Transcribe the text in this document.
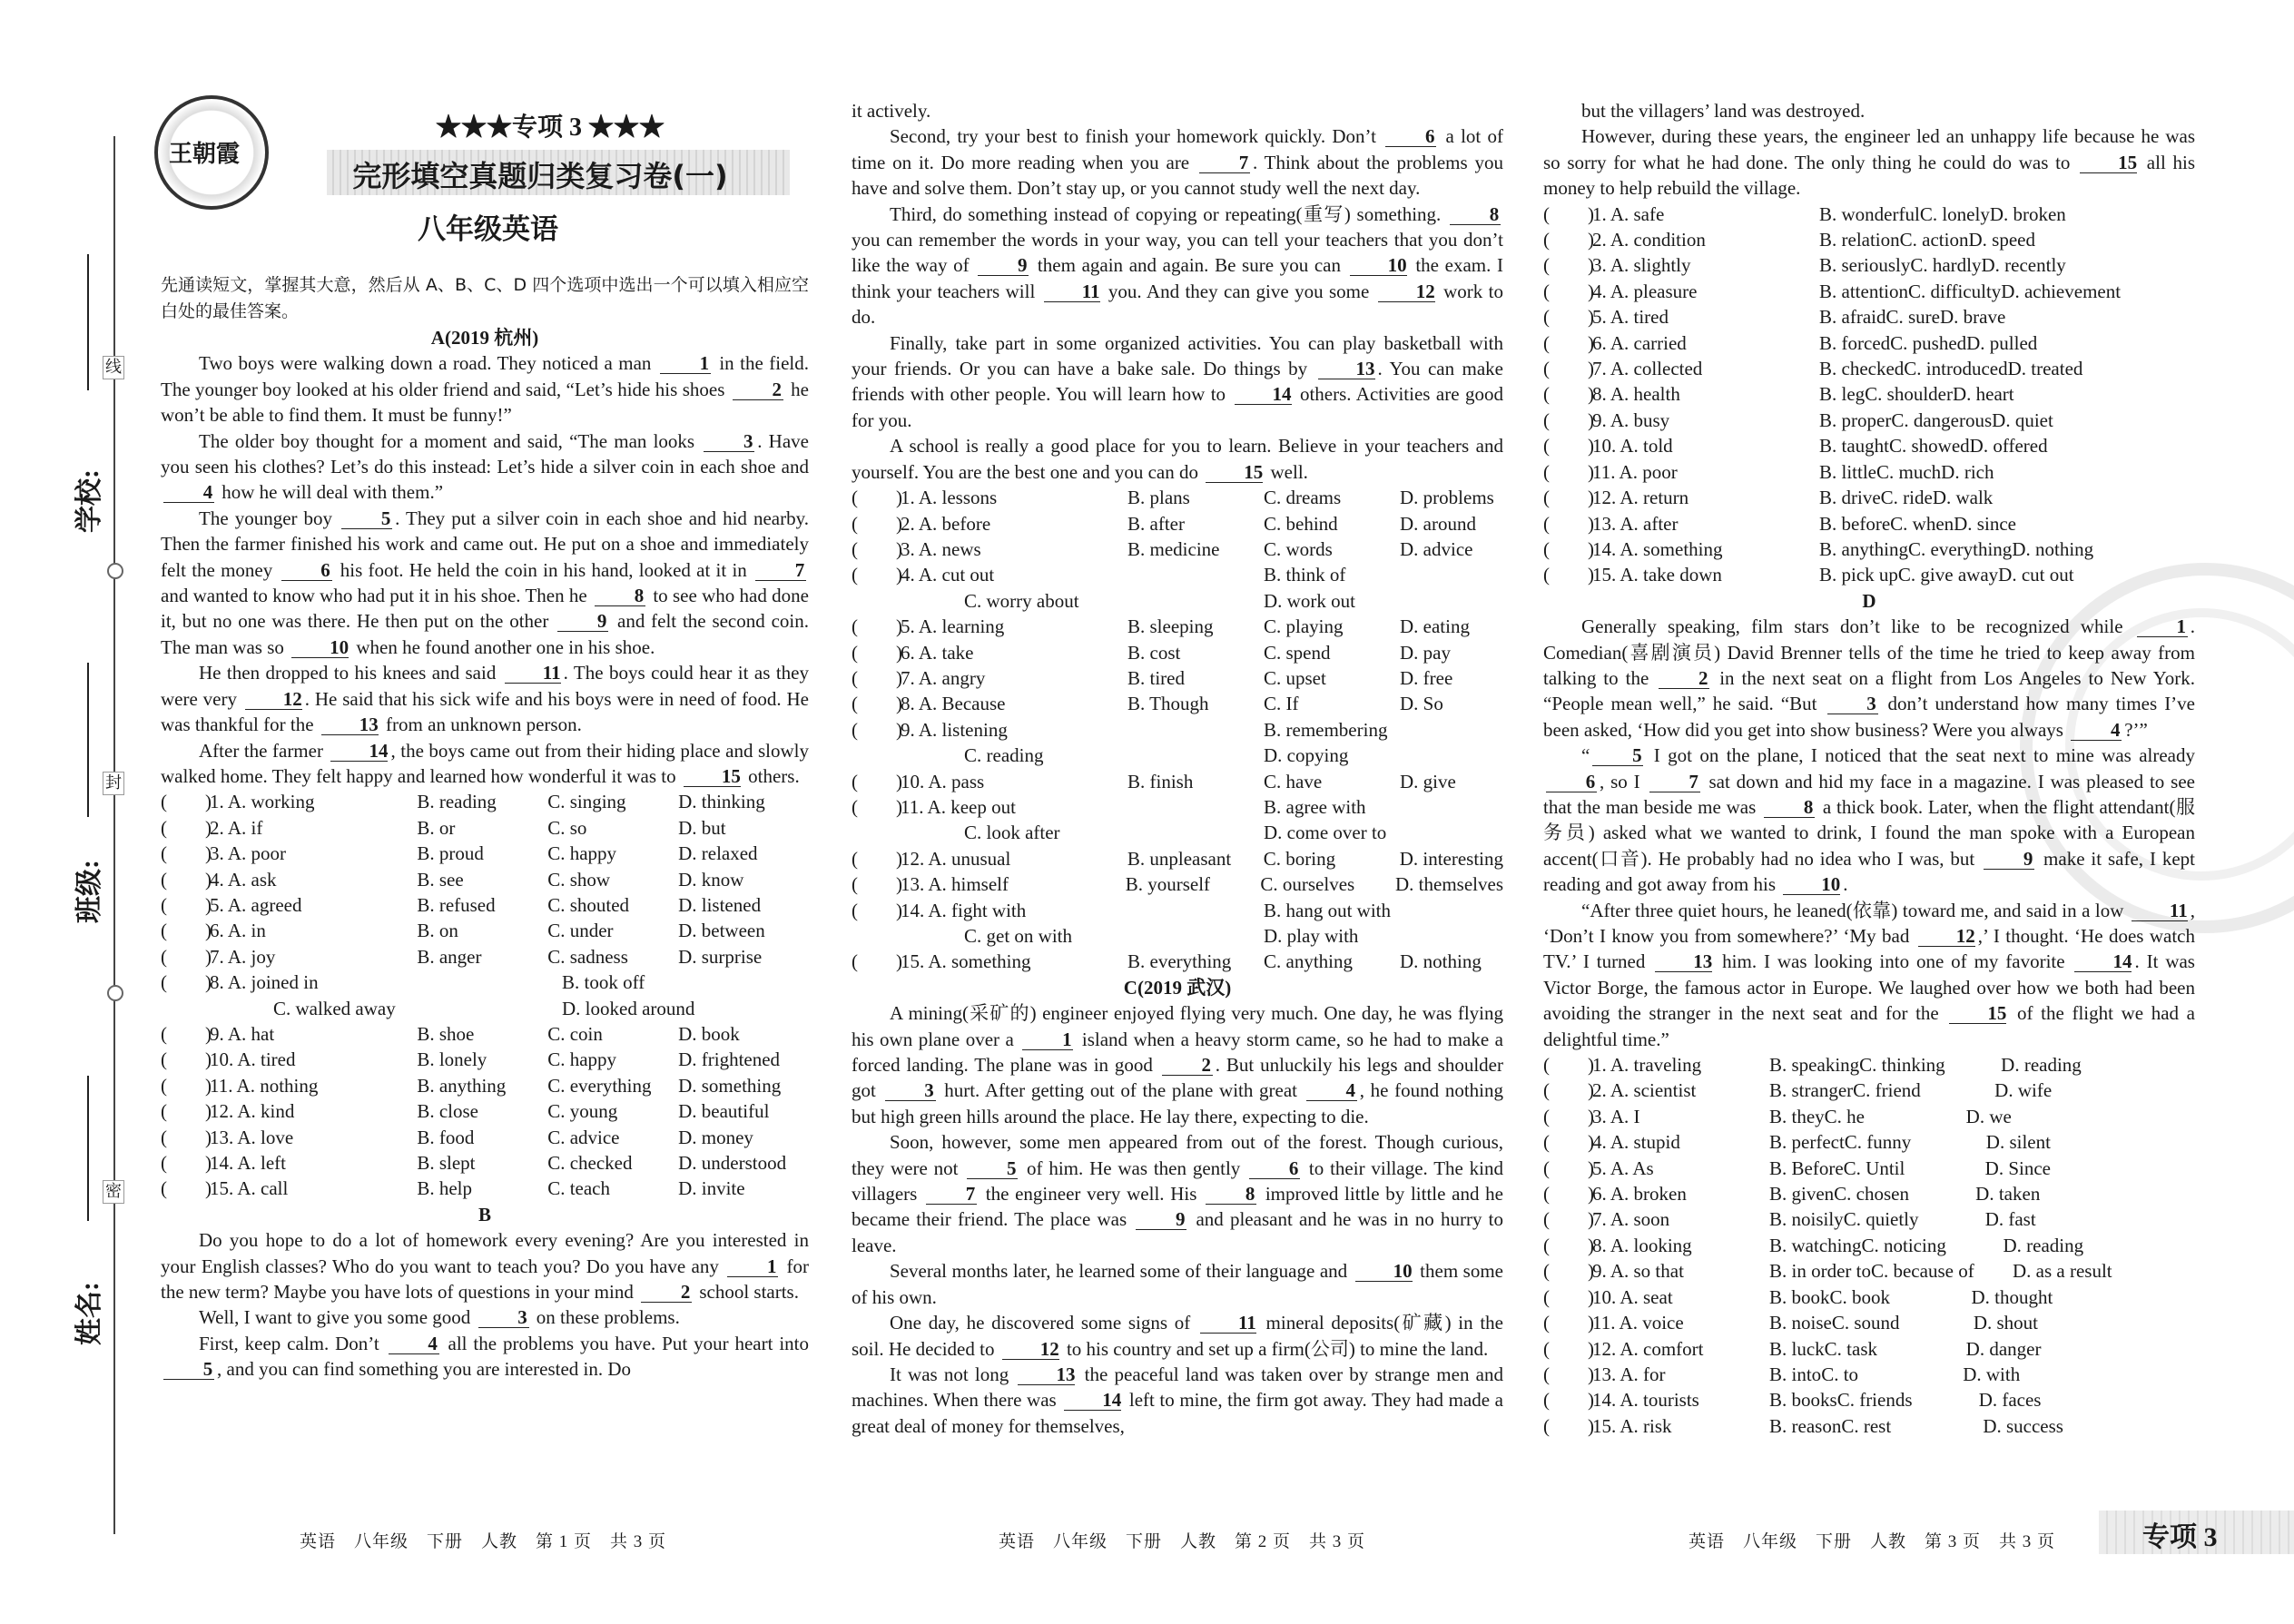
学校:
线
班级:
封
姓名:
密
王朝霞
★★★专项 3 ★★★
完形填空真题归类复习卷(一)
八年级英语

先通读短文，掌握其大意，然后从 A、B、C、D 四个选项中选出一个可以填入相应空白处的最佳答案。

A(2019 杭州)

Two boys were walking down a road. They noticed a man 1 in the field. The younger boy looked at his older friend and said, “Let’s hide his shoes 2 he won’t be able to find them. It must be funny!”

The older boy thought for a moment and said, “The man looks 3 . Have you seen his clothes? Let’s do this instead: Let’s hide a silver coin in each shoe and 4 how he will deal with them.”

The younger boy 5 . They put a silver coin in each shoe and hid nearby. Then the farmer finished his work and came out. He put on a shoe and immediately felt the money 6 his foot. He held the coin in his hand, looked at it in 7 and wanted to know who had put it in his shoe. Then he 8 to see who had done it, but no one was there. He then put on the other 9 and felt the second coin. The man was so 10 when he found another one in his shoe.

He then dropped to his knees and said 11 . The boys could hear it as they were very 12 . He said that his sick wife and his boys were in need of food. He was thankful for the 13 from an unknown person.

After the farmer 14 , the boys came out from their hiding place and slowly walked home. They felt happy and learned how wonderful it was to 15 others.

(　　)
1. A. working	B. reading	C. singing	D. thinking
(　　)
2. A. if	B. or	C. so	D. but
(　　)
3. A. poor	B. proud	C. happy	D. relaxed
(　　)
4. A. ask	B. see	C. show	D. know
(　　)
5. A. agreed	B. refused	C. shouted	D. listened
(　　)
6. A. in	B. on	C. under	D. between
(　　)
7. A. joy	B. anger	C. sadness	D. surprise
(　　)
8. A. joined in	B. took off
C. walked away	D. looked around
(　　)
9. A. hat	B. shoe	C. coin	D. book
(　　)
10. A. tired	B. lonely	C. happy	D. frightened
(　　)
11. A. nothing	B. anything	C. everything	D. something
(　　)
12. A. kind	B. close	C. young	D. beautiful
(　　)
13. A. love	B. food	C. advice	D. money
(　　)
14. A. left	B. slept	C. checked	D. understood
(　　)
15. A. call	B. help	C. teach	D. invite
B

Do you hope to do a lot of homework every evening? Are you interested in your English classes? Who do you want to teach you? Do you have any 1 for the new term? Maybe you have lots of questions in your mind 2 school starts.

Well, I want to give you some good 3 on these problems.

First, keep calm. Don’t 4 all the problems you have. Put your heart into 5 , and you can find something you are interested in. Do

it actively.

Second, try your best to finish your homework quickly. Don’t 6 a lot of time on it. Do more reading when you are 7 . Think about the problems you have and solve them. Don’t stay up, or you cannot study well the next day.

Third, do something instead of copying or repeating(重写) something. 8 you can remember the words in your way, you can tell your teachers that you don’t like the way of 9 them again and again. Be sure you can 10 the exam. I think your teachers will 11 you. And they can give you some 12 work to do.

Finally, take part in some organized activities. You can play basketball with your friends. Or you can have a bake sale. Do things by 13 . You can make friends with other people. You will learn how to 14 others. Activities are good for you.

A school is really a good place for you to learn. Believe in your teachers and yourself. You are the best one and you can do 15 well.

(　　)
1. A. lessons	B. plans	C. dreams	D. problems
(　　)
2. A. before	B. after	C. behind	D. around
(　　)
3. A. news	B. medicine	C. words	D. advice
(　　)
4. A. cut out	B. think of
C. worry about	D. work out
(　　)
5. A. learning	B. sleeping	C. playing	D. eating
(　　)
6. A. take	B. cost	C. spend	D. pay
(　　)
7. A. angry	B. tired	C. upset	D. free
(　　)
8. A. Because	B. Though	C. If	D. So
(　　)
9. A. listening	B. remembering
C. reading	D. copying
(　　)
10. A. pass	B. finish	C. have	D. give
(　　)
11. A. keep out	B. agree with
C. look after	D. come over to
(　　)
12. A. unusual	B. unpleasant	C. boring	D. interesting
(　　)
13. A. himself	B. yourself	C. ourselves	D. themselves
(　　)
14. A. fight with	B. hang out with
C. get on with	D. play with
(　　)
15. A. something	B. everything	C. anything	D. nothing
C(2019 武汉)

A mining(采矿的) engineer enjoyed flying very much. One day, he was flying his own plane over a 1 island when a heavy storm came, so he had to make a forced landing. The plane was in good 2 . But unluckily his legs and shoulder got 3 hurt. After getting out of the plane with great 4 , he found nothing but high green hills around the place. He lay there, expecting to die.

Soon, however, some men appeared from out of the forest. Though curious, they were not 5 of him. He was then gently 6 to their village. The kind villagers 7 the engineer very well. His 8 improved little by little and he became their friend. The place was 9 and pleasant and he was in no hurry to leave.

Several months later, he learned some of their language and 10 them some of his own.

One day, he discovered some signs of 11 mineral deposits(矿藏) in the soil. He decided to 12 to his country and set up a firm(公司) to mine the land.

It was not long 13 the peaceful land was taken over by strange men and machines. When there was 14 left to mine, the firm got away. They had made a great deal of money for themselves,

but the villagers’ land was destroyed.

However, during these years, the engineer led an unhappy life because he was so sorry for what he had done. The only thing he could do was to 15 all his money to help rebuild the village.

(　　)
1. A. safe	B. wonderful C. lonely D. broken
(　　)
2. A. condition	B. relation C. action D. speed
(　　)
3. A. slightly	B. seriously C. hardly D. recently
(　　)
4. A. pleasure	B. attention C. difficulty D. achievement
(　　)
5. A. tired	B. afraid C. sure D. brave
(　　)
6. A. carried	B. forced C. pushed D. pulled
(　　)
7. A. collected	B. checked C. introduced D. treated
(　　)
8. A. health	B. leg C. shoulder D. heart
(　　)
9. A. busy	B. proper C. dangerous D. quiet
(　　)
10. A. told	B. taught C. showed D. offered
(　　)
11. A. poor	B. little C. much D. rich
(　　)
12. A. return	B. drive C. ride D. walk
(　　)
13. A. after	B. before C. when D. since
(　　)
14. A. something	B. anything C. everything D. nothing
(　　)
15. A. take down	B. pick up C. give away D. cut out
D

Generally speaking, film stars don’t like to be recognized while 1 . Comedian(喜剧演员) David Brenner tells of the time he tried to keep away from talking to the 2 in the next seat on a flight from Los Angeles to New York. “People mean well,” he said. “But 3 don’t understand how many times I’ve been asked, ‘How did you get into show business? Were you always 4 ?’”

“ 5 I got on the plane, I noticed that the seat next to mine was already 6 , so I 7 sat down and hid my face in a magazine. I was pleased to see that the man beside me was 8 a thick book. Later, when the flight attendant(服务员) asked what we wanted to drink, I found the man spoke with a European accent(口音). He probably had no idea who I was, but 9 make it safe, I kept reading and got away from his 10 .

“After three quiet hours, he leaned(依靠) toward me, and said in a low 11 , ‘Don’t I know you from somewhere?’ ‘My bad 12 ,’ I thought. ‘He does watch TV.’ I turned 13 him. I was looking into one of my favorite 14 . It was Victor Borge, the famous actor in Europe. We laughed over how we both had been avoiding the stranger in the next seat and for the 15 of the flight we had a delightful time.”

(　　)
1. A. traveling	B. speaking C. thinking	D. reading
(　　)
2. A. scientist	B. stranger C. friend	D. wife
(　　)
3. A. I	B. they C. he	D. we
(　　)
4. A. stupid	B. perfect C. funny	D. silent
(　　)
5. A. As	B. Before C. Until	D. Since
(　　)
6. A. broken	B. given C. chosen	D. taken
(　　)
7. A. soon	B. noisily C. quietly	D. fast
(　　)
8. A. looking	B. watching C. noticing	D. reading
(　　)
9. A. so that	B. in order to C. because of	D. as a result
(　　)
10. A. seat	B. book C. book	D. thought
(　　)
11. A. voice	B. noise C. sound	D. shout
(　　)
12. A. comfort	B. luck C. task	D. danger
(　　)
13. A. for	B. into C. to	D. with
(　　)
14. A. tourists	B. books C. friends	D. faces
(　　)
15. A. risk	B. reason C. rest	D. success
英语　八年级　下册　人教　第 1 页　共 3 页	英语　八年级　下册　人教　第 2 页　共 3 页	英语　八年级　下册　人教　第 3 页　共 3 页	专项 3
